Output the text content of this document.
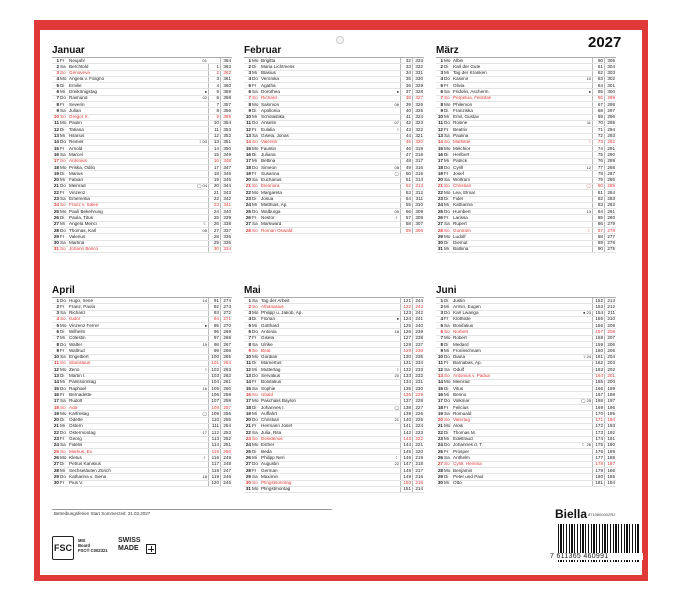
2027
Januar
1 Fr	Neujahr	01	364
2 Sa Berchtold	1 363
3 So Genoveva	2 362
4 Mo Angela v. Foligno	3 361
5 Di	Emilie	4 360
6 Mi Dreikönigstag	●	5 359
7 Do Raimund	02	6 358
8 Fr	Severin	7 357
9 Sa Julian	8 356
10 So Gregor X.	9 355
11 Mo Paulin	10 354
12 Di	Tatiana	11 353
13 Mi Hilarius	12 352
14 Do Reinier	☽ 03	13 351
15 Fr	Arnold	14 350
16 Sa Marcel	15 349
17 So Antonius	16 348
18 Mo Priska, Odilo	17 347
19 Di	Marius	18 346
20 Mi Fabian	19 345
21 Do Meinrad	◯ 04	20 344
22 Fr	Vinzenz	21 343
23 Sa Emerentia	22 342
24 So Franz v. Sales	23 341
25 Mo Pauli Bekehrung	24 340
26 Di	Paula, Titus	25 339
27 Mi Angela Merici	☾	26 338
28 Do Thomas, Karl	05	27 337
29 Fr	Valerius	28 336
30 Sa Martina	29 335
31 So Johann Bosco	30 334
Februar
1 Mo Brigitta	32 333
2 Di	Maria Lichtmess	33 332
3 Mi Blasius	34 331
4 Do Veronika	35 330
5 Fr	Agatha	36 329
6 Sa Dorothea	●	37 328
7 So Richard	38 327
8 Mo Salomon	06	39 326
9 Di	Apollonia	40 325
10 Mi Scholastika	41 324
11 Do Anselm	07	42 323
12 Fr	Eulalia	☽	43 322
13 Sa Gisela, Jonas	44 321
14 So Valentin	45 320
15 Mo Faustin	46 319
16 Di	Juliana	47 318
17 Mi Bettina	48 317
18 Do Simeon	08	49 316
19 Fr	Susanna	◯	50 315
20 Sa Eucharius	51 314
21 So Eleonora	52 313
22 Mo Margareta	53 312
23 Di	Josua	54	311
24 Mi Matthias, Ap.	55 310
25 Do Walburga	09	56 309
26 Fr	Nestor	☾	57 308
27 Sa Markward	58 307
28 So Roman Oswald	59 306
März
1 Mo Albin	60 305
2 Di	Karl der Gute	61 304
3 Mi Tag der Kranken	62 303
4 Do Kasimir	10	63 302
5 Fr	Olivia	64 301
6 Sa Fridolin, Ascherm.	●	65 300
7 So Perpetua, Felizitas	66 299
8 Mo Philemon	67 298
9 Di	Franziska	68 297
10 Mi Emil, Gustav	69 296
11 Do Rosine	11	70 295
12 Fr	Beatrix	71 294
13 Sa Paulina	72 293
14 So Mathilde	☽	73 292
15 Mo Melchior	74 291
16 Di	Heribert	75 290
17 Mi Patrick	76 289
18 Do Cyrill	12	77 288
19 Fr	Josef	78 287
20 Sa Wolfram	79 286
21 So Christian	◯	80 285
22 Mo Lea, Elmar	81 284
23 Di	Fidel	82 283
24 Mi Katharina	83 282
25 Do Humbert	13	84 281
26 Fr	Larissa	85 280
27 Sa Rupert	86 279
28 So Guntram	☾	87 278
29 Mo Ludolf	88 277
30 Di	Diemut	89 276
31 Mi Balbina	90 275
April
1 Do Hugo, Irene	14	91 274
2 Fr	Franz, Paola	92 273
3 Sa Richard	93 272
4 So Isidor	94 271
5 Mo Vinzenz Ferrer	●	95 270
6 Di	Wilhelm	96 269
7 Mi Cölestin	97 268
8 Do Walter	15	98 267
9 Fr	Waltrud	99 266
10 Sa Engelbert	100 265
11 So Stanislaus	101 264
12 Mo Zeno	☽ 102 263
13 Di	Martin I.	103 262
14 Mi Palmsonntag	104 261
15 Do Raphael	16 105 260
16 Fr	Bernadette	106 259
17 Sa Rudolf	107 258
18 So Ada	108 257
19 Mo Karfreitag	◯ 109 256
20 Di	Odette	110 255
21 Mi Ostern	111 254
22 Do Ostermontag	17	112 253
23 Fr	Georg	113 252
24 Sa Fidelis	114 251
25 So Markus, Ev.	115 250
26 Mo Kletus	☾	116 249
27 Di	Petrus Kanisius	117 248
28 Mi Sechseläuten Zürich	118 247
29 Do Katharina v. Siena	18	119 246
30 Fr	Pius V.	120 245
Mai
1 Sa Tag der Arbeit	121 244
2 So Athanasius	122 243
3 Mo Philipp u. Jakob, Ap.	123 242
4 Di	Florian	● 124 241
5 Mi Gotthard	125 240
6 Do Antonia	18 126 239
7 Fr	Gisela	127 238
8 Sa Ulrike	128 237
9 So Beat	129 236
10 Mo Gordian	130 235
11 Di	Mamertus	131 234
12 Mi Muttertag	☽ 132 233
13 Do Servatius	20 133 232
14 Fr	Bonifatius	134 231
15 Sa Sophie	135 230
16 So Ubald	136 229
17 Mo Paschalis Baylon	137 228
18 Di	Johannes I.	◯ 138 227
19 Mi Auffahrt	139 226
20 Do Christian	21 140 225
21 Fr	Hermann Josef	141 224
22 Sa Julia, Rita	142 223
23 So Desiderius	143 222
24 Mo Esther	144 221
25 Di	Beda	145 220
26 Mi Philipp Neri	☾ 146 219
27 Do Augustin	22 147 218
28 Fr	German	148 217
29 Sa Maximin	149 216
30 So Pfingstsonntag	150 215
31 Mo Pfingstmontag	151 214
Juni
1 Di	Justin	152 213
2 Mi Armin, Eugen	153 212
3 Do Karl Lwanga	● 23 154	211
4 Fr	Klothilde	155 210
5 Sa Bonifatius	156 209
6 So Norbert	157 208
7 Mo Robert	158 207
8 Di	Medard	159 206
9 Mi Fronleichnam	160 205
10 Do Diana	☽ 24 161 204
11 Fr	Barnabas, Ap.	162 203
12 Sa Odulf	163 202
13 So Antonius v. Padua	164 201
14 Mo Meinrad	165 200
15 Di	Vitus	166 199
16 Mi Benno	167 198
17 Do Volkmar	◯ 25 168 197
18 Fr	Felicius	169 196
19 Sa Romuald	170 195
20 So Vatertag	171 194
21 Mo Alois	172 193
22 Di	Thomas M.	173 192
23 Mi Edeltraud	174 191
24 Do Johannes d. T.	☾ 26 175 190
25 Fr	Prosper	176 189
26 Sa Anthelm	177 188
27 So Cyrill, Hemma	178 187
28 Mo Benjamin	179 186
29 Di	Peter und Paul	180 185
30 Mi Otto	181 184
Betreibungsferien Start Sommerzeit: 31.03.2027
FSC
MIX
Board
FSC® C002321
SWISS
MADE
Biella 871080000ZRJ
7 611365 460991
